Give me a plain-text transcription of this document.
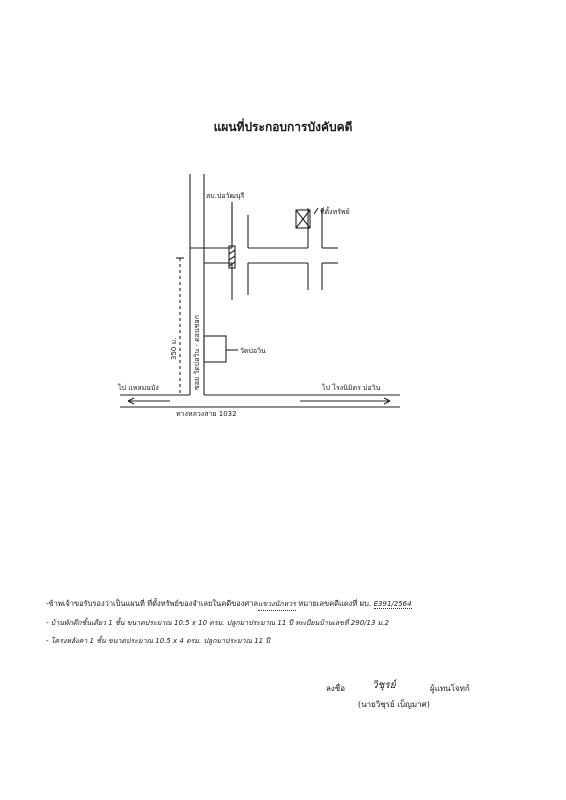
แผนที่ประกอบการบังคับคดี
ลบ.บ่อวัฒนุรี
ที่ตั้งทรัพย์
วัดบ่อวิน
ซอย วัดบ่อวิน - ดอนชอก
350 ม.
ไป แหลมฉบัง	ไป โรงนิมิตร บ่อวิน
ทางหลวงสาย 1032
-ข้าพเจ้าขอรับรองว่าเป็นแผนที่ ที่ตั้งทรัพย์ของจำเลยในคดีของศาลแขวงนักหวร หมายเลขคดีแดงที่ ผบ. E391/2564
- บ้านพักตึกชั้นเดียว 1 ชั้น ขนาดประมาณ 10.5 x 10 ตรม. ปลูกมาประมาณ 11 ปี ทะเบียนบ้านเลขที่ 290/13 ม.2
- โครงหลังคา 1 ชั้น ขนาดประมาณ 10.5 x 4 ตรม. ปลูกมาประมาณ 11 ปี
ลงชื่อ	วิชุรย์	ผู้แทนโจทก์
(นายวิชุรย์ เบ็ญมาศ)
